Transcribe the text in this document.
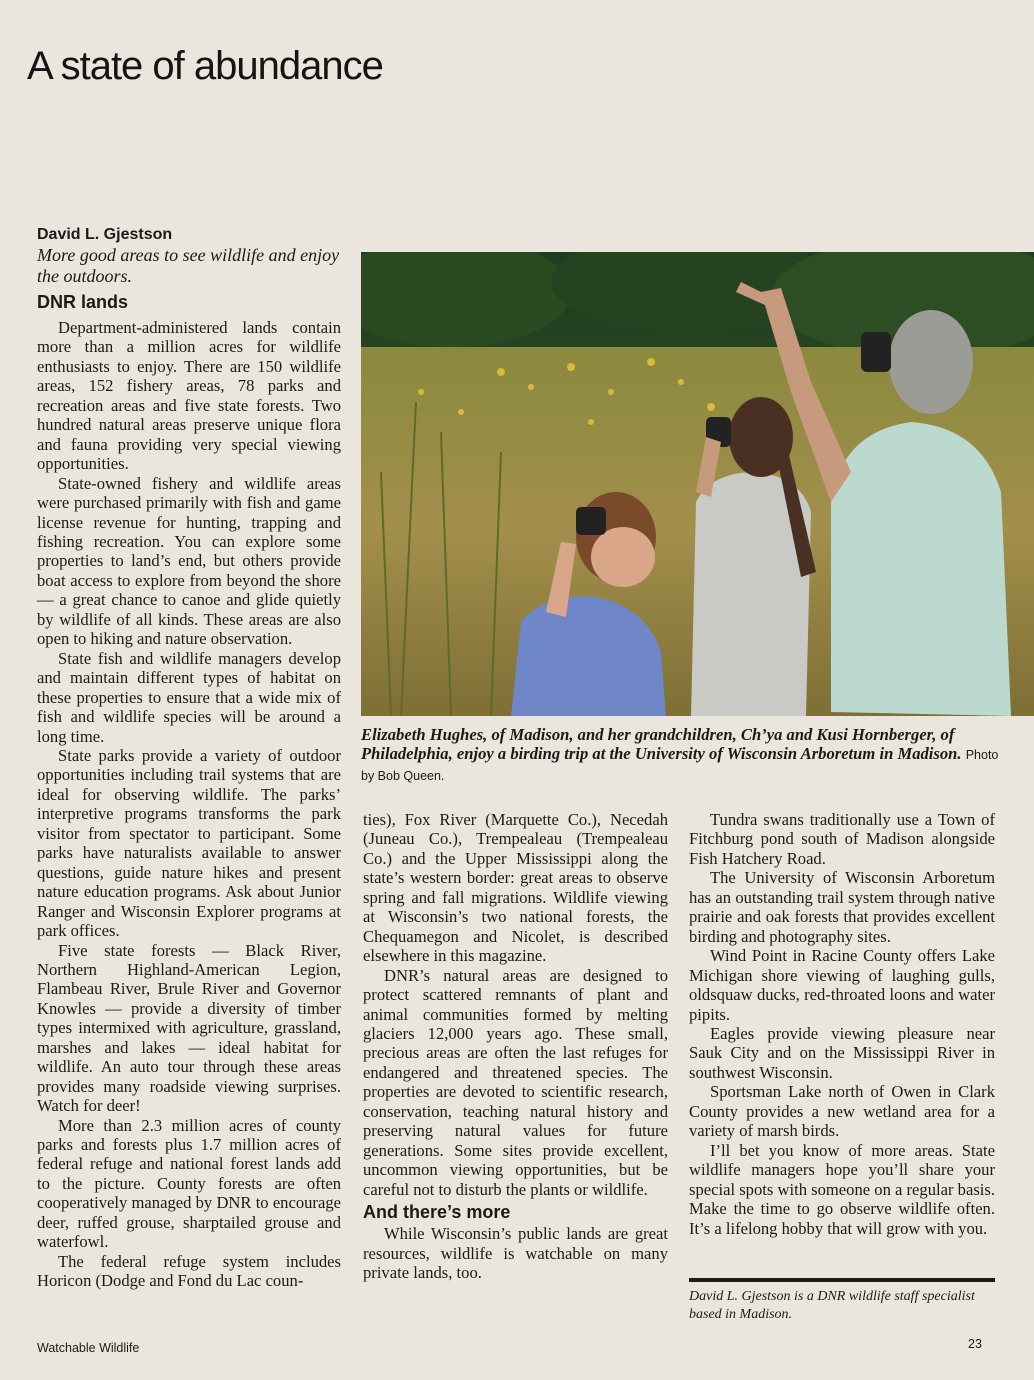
A state of abundance
David L. Gjestson
More good areas to see wildlife and enjoy the outdoors.
DNR lands

Department-administered lands contain more than a million acres for wildlife enthusiasts to enjoy. There are 150 wildlife areas, 152 fishery areas, 78 parks and recreation areas and five state forests. Two hundred natural areas preserve unique flora and fauna providing very special viewing opportunities.

State-owned fishery and wildlife areas were purchased primarily with fish and game license revenue for hunting, trapping and fishing recreation. You can explore some properties to land’s end, but others provide boat access to explore from beyond the shore — a great chance to canoe and glide quietly by wildlife of all kinds. These areas are also open to hiking and nature observation.

State fish and wildlife managers develop and maintain different types of habitat on these properties to ensure that a wide mix of fish and wildlife species will be around a long time.

State parks provide a variety of outdoor opportunities including trail systems that are ideal for observing wildlife. The parks’ interpretive programs transforms the park visitor from spectator to participant. Some parks have naturalists available to answer questions, guide nature hikes and present nature education programs. Ask about Junior Ranger and Wisconsin Explorer programs at park offices.

Five state forests — Black River, Northern Highland-American Legion, Flambeau River, Brule River and Governor Knowles — provide a diversity of timber types intermixed with agriculture, grassland, marshes and lakes — ideal habitat for wildlife. An auto tour through these areas provides many roadside viewing surprises. Watch for deer!

More than 2.3 million acres of county parks and forests plus 1.7 million acres of federal refuge and national forest lands add to the picture. County forests are often cooperatively managed by DNR to encourage deer, ruffed grouse, sharptailed grouse and waterfowl.

The federal refuge system includes Horicon (Dodge and Fond du Lac coun-

Elizabeth Hughes, of Madison, and her grandchildren, Ch’ya and Kusi Hornberger, of Philadelphia, enjoy a birding trip at the University of Wisconsin Arboretum in Madison. Photo by Bob Queen.

ties), Fox River (Marquette Co.), Necedah (Juneau Co.), Trempealeau (Trempealeau Co.) and the Upper Mississippi along the state’s western border: great areas to observe spring and fall migrations. Wildlife viewing at Wisconsin’s two national forests, the Chequamegon and Nicolet, is described elsewhere in this magazine.

DNR’s natural areas are designed to protect scattered remnants of plant and animal communities formed by melting glaciers 12,000 years ago. These small, precious areas are often the last refuges for endangered and threatened species. The properties are devoted to scientific research, conservation, teaching natural history and preserving natural values for future generations. Some sites provide excellent, uncommon viewing opportunities, but be careful not to disturb the plants or wildlife.

And there’s more

While Wisconsin’s public lands are great resources, wildlife is watchable on many private lands, too.

Tundra swans traditionally use a Town of Fitchburg pond south of Madison alongside Fish Hatchery Road.

The University of Wisconsin Arboretum has an outstanding trail system through native prairie and oak forests that provides excellent birding and photography sites.

Wind Point in Racine County offers Lake Michigan shore viewing of laughing gulls, oldsquaw ducks, red-throated loons and water pipits.

Eagles provide viewing pleasure near Sauk City and on the Mississippi River in southwest Wisconsin.

Sportsman Lake north of Owen in Clark County provides a new wetland area for a variety of marsh birds.

I’ll bet you know of more areas. State wildlife managers hope you’ll share your special spots with someone on a regular basis. Make the time to go observe wildlife often. It’s a lifelong hobby that will grow with you.

David L. Gjestson is a DNR wildlife staff specialist based in Madison.
Watchable Wildlife	23
